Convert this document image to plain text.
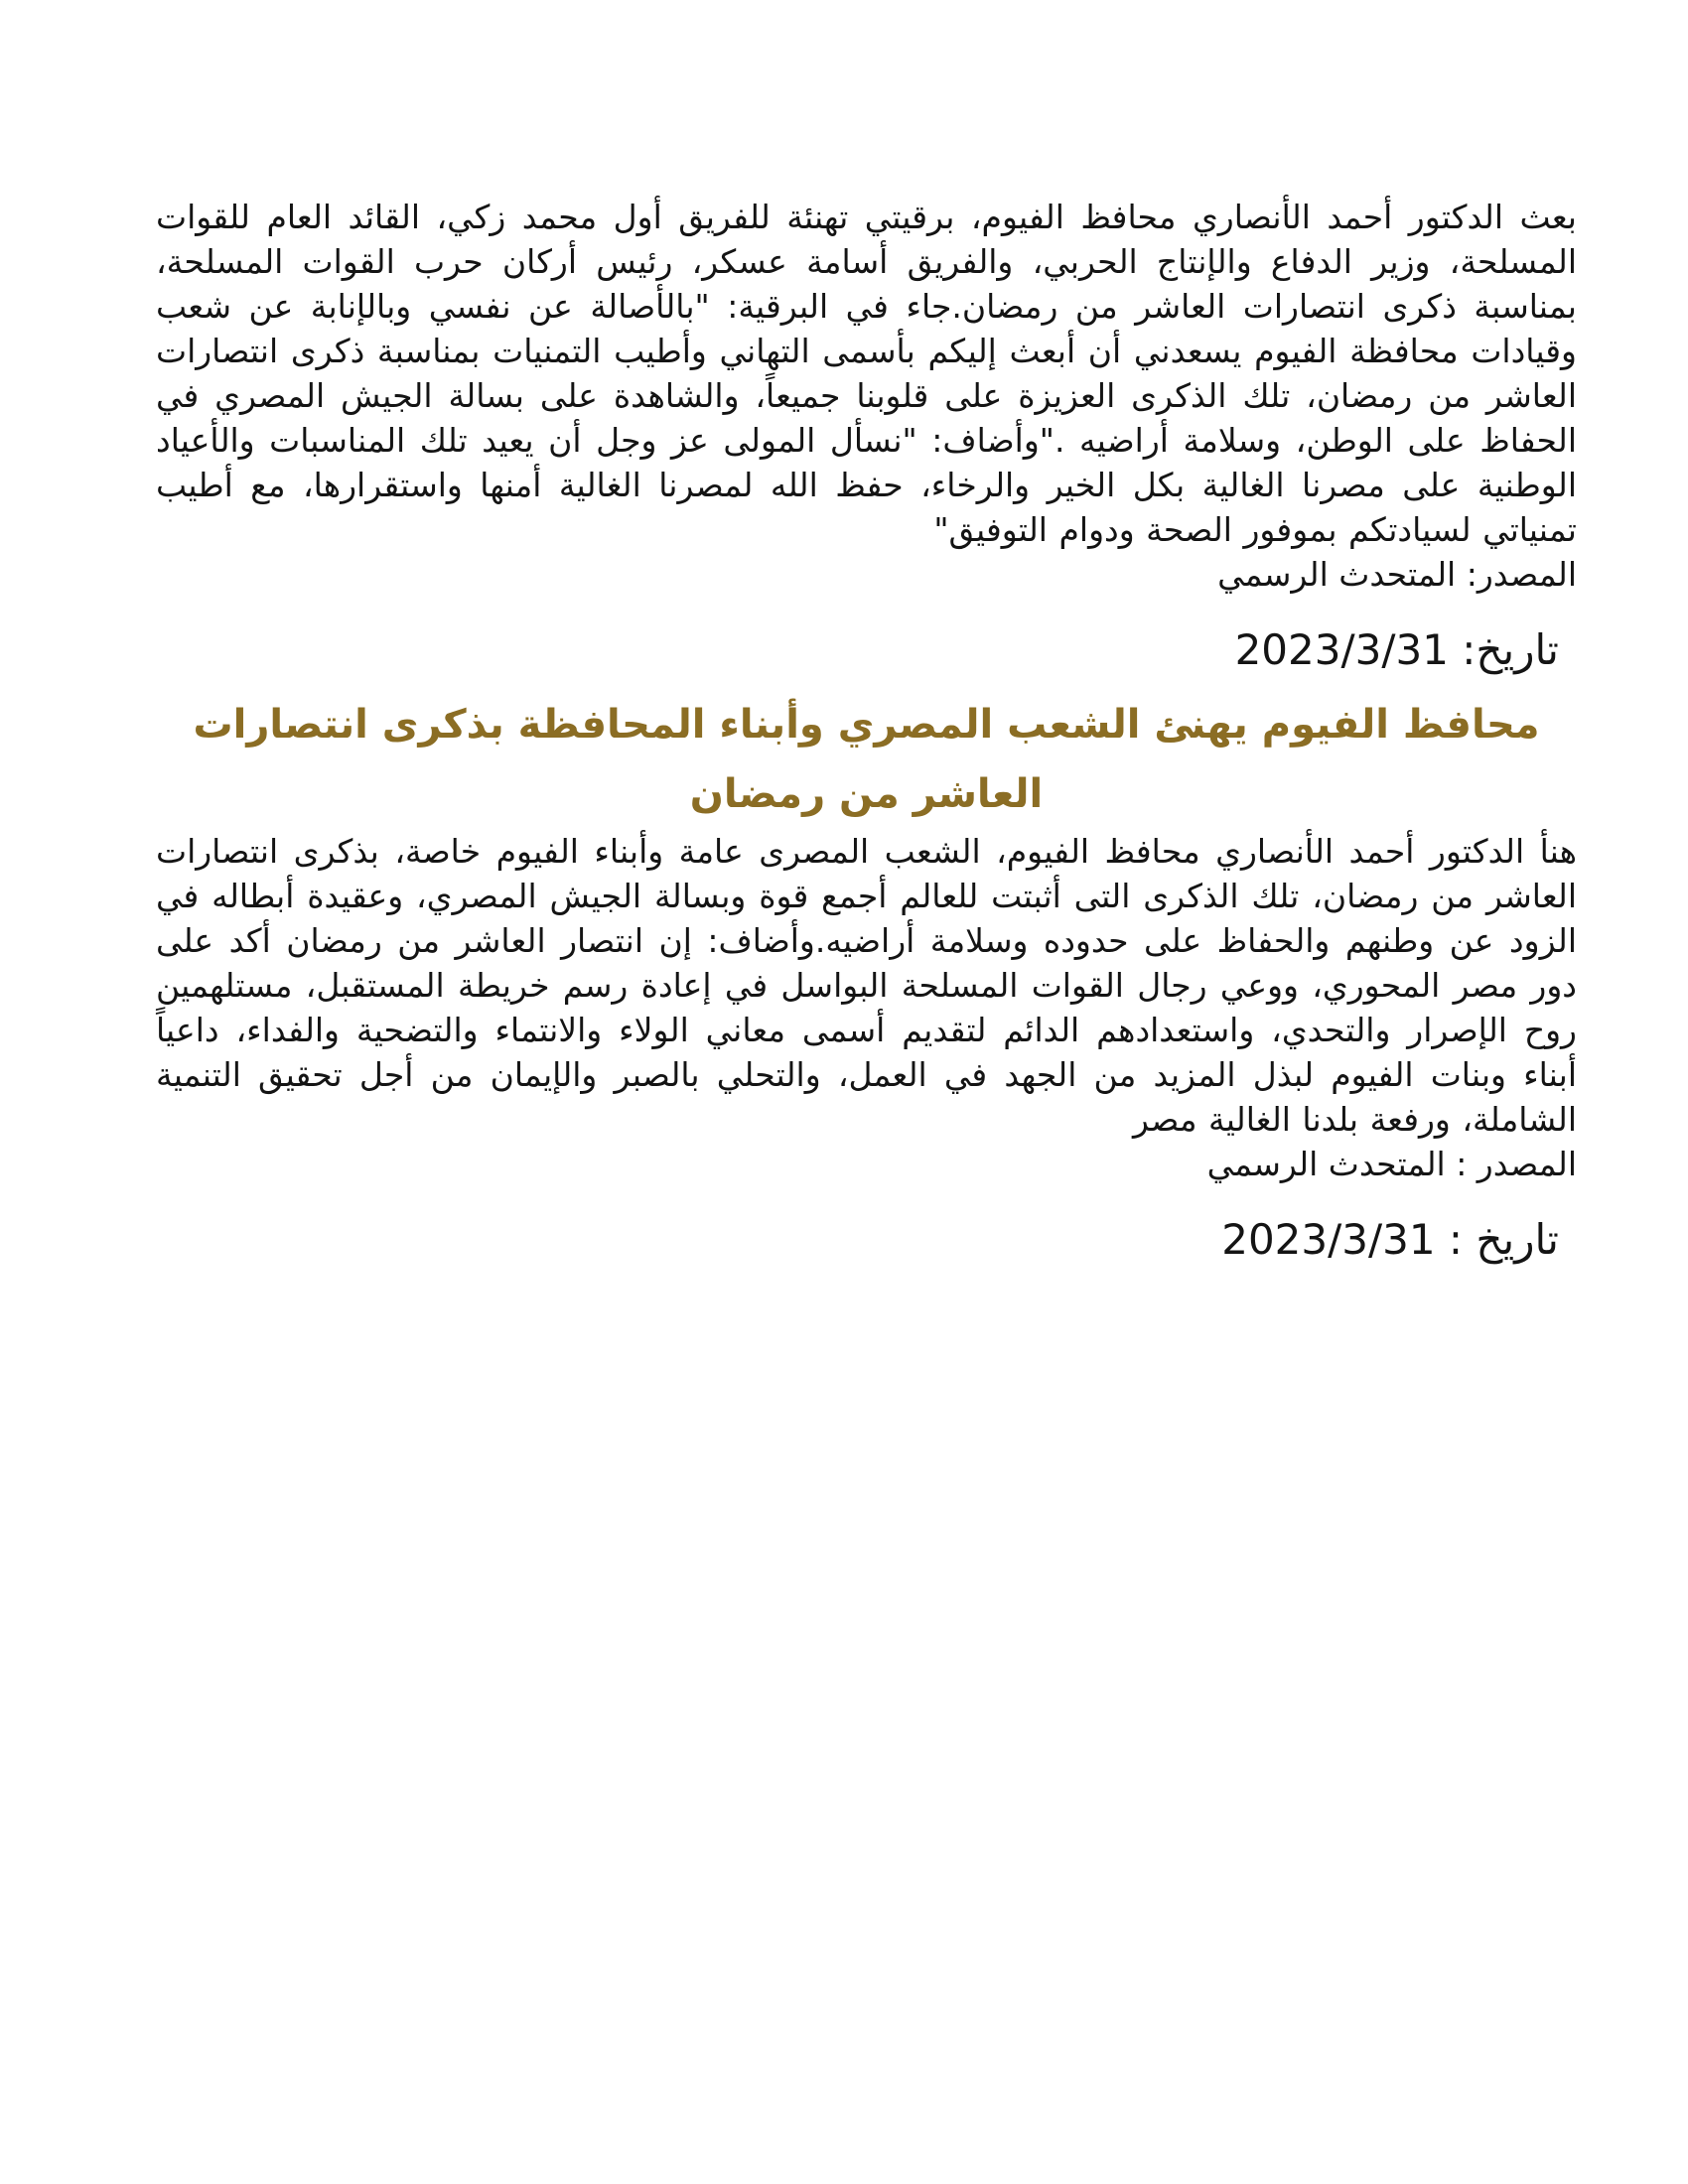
بعث الدكتور أحمد الأنصاري محافظ الفيوم، برقيتي تهنئة للفريق أول محمد زكي، القائد العام للقوات المسلحة، وزير الدفاع والإنتاج الحربي، والفريق أسامة عسكر، رئيس أركان حرب القوات المسلحة، بمناسبة ذكرى انتصارات العاشر من رمضان.جاء في البرقية: "بالأصالة عن نفسي وبالإنابة عن شعب وقيادات محافظة الفيوم يسعدني أن أبعث إليكم بأسمى التهاني وأطيب التمنيات بمناسبة ذكرى انتصارات العاشر من رمضان، تلك الذكرى العزيزة على قلوبنا جميعاً، والشاهدة على بسالة الجيش المصري في الحفاظ على الوطن، وسلامة أراضيه ."وأضاف: "نسأل المولى عز وجل أن يعيد تلك المناسبات والأعياد الوطنية على مصرنا الغالية بكل الخير والرخاء، حفظ الله لمصرنا الغالية أمنها واستقرارها، مع أطيب تمنياتي لسيادتكم بموفور الصحة ودوام التوفيق"

المصدر: المتحدث الرسمي
تاريخ: 2023/3/31
محافظ الفيوم يهنئ الشعب المصري وأبناء المحافظة بذكرى انتصارات العاشر من رمضان

هنأ الدكتور أحمد الأنصاري محافظ الفيوم، الشعب المصرى عامة وأبناء الفيوم خاصة، بذكرى انتصارات العاشر من رمضان، تلك الذكرى التى أثبتت للعالم أجمع قوة وبسالة الجيش المصري، وعقيدة أبطاله في الزود عن وطنهم والحفاظ على حدوده وسلامة أراضيه.وأضاف: إن انتصار العاشر من رمضان أكد على دور مصر المحوري، ووعي رجال القوات المسلحة البواسل في إعادة رسم خريطة المستقبل، مستلهمين روح الإصرار والتحدي، واستعدادهم الدائم لتقديم أسمى معاني الولاء والانتماء والتضحية والفداء، داعياً أبناء وبنات الفيوم لبذل المزيد من الجهد في العمل، والتحلي بالصبر والإيمان من أجل تحقيق التنمية الشاملة، ورفعة بلدنا الغالية مصر

المصدر : المتحدث الرسمي
تاريخ : 2023/3/31
